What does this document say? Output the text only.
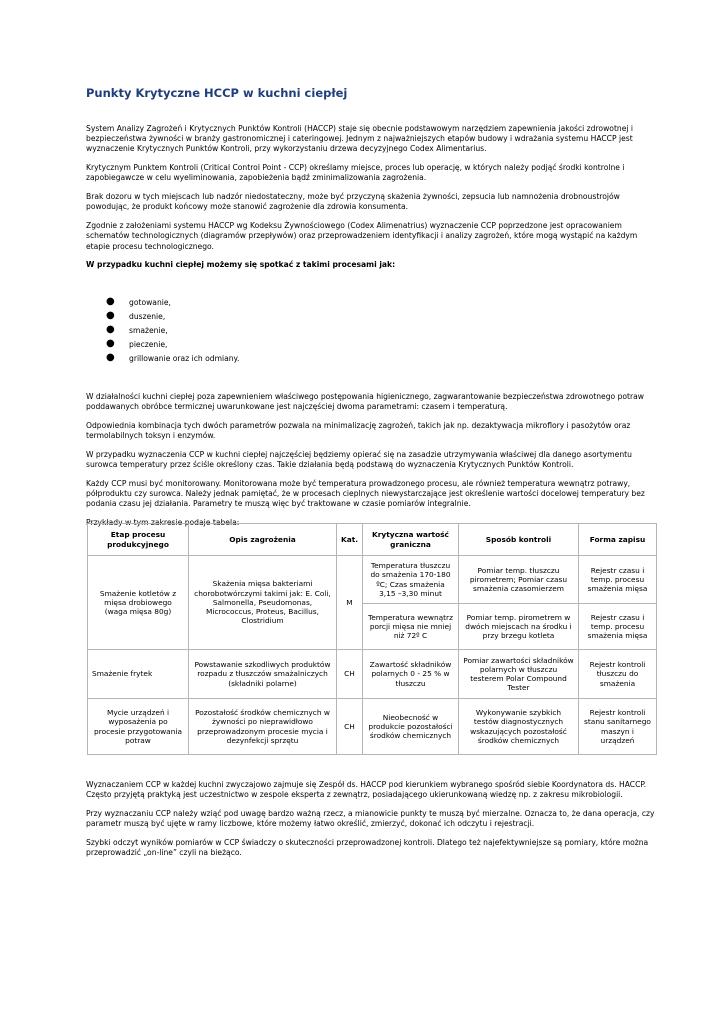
Punkty Krytyczne HCCP w kuchni ciepłej

System Analizy Zagrożeń i Krytycznych Punktów Kontroli (HACCP) staje się obecnie podstawowym narzędziem zapewnienia jakości zdrowotnej i bezpieczeństwa żywności w branży gastronomicznej i cateringowej. Jednym z najważniejszych etapów budowy i wdrażania systemu HACCP jest wyznaczenie Krytycznych Punktów Kontroli, przy wykorzystaniu drzewa decyzyjnego Codex Alimentarius.

Krytycznym Punktem Kontroli (Critical Control Point - CCP) określamy miejsce, proces lub operację, w których należy podjąć środki kontrolne i zapobiegawcze w celu wyeliminowania, zapobieżenia bądź zminimalizowania zagrożenia.

Brak dozoru w tych miejscach lub nadzór niedostateczny, może być przyczyną skażenia żywności, zepsucia lub namnożenia drobnoustrojów powodując, że produkt końcowy może stanowić zagrożenie dla zdrowia konsumenta.

Zgodnie z założeniami systemu HACCP wg Kodeksu Żywnościowego (Codex Alimenatrius) wyznaczenie CCP poprzedzone jest opracowaniem schematów technologicznych (diagramów przepływów) oraz przeprowadzeniem identyfikacji i analizy zagrożeń, które mogą wystąpić na każdym etapie procesu technologicznego.

W przypadku kuchni ciepłej możemy się spotkać z takimi procesami jak:

● gotowanie,
● duszenie,
● smażenie,
● pieczenie,
● grillowanie oraz ich odmiany.

W działalności kuchni ciepłej poza zapewnieniem właściwego postępowania higienicznego, zagwarantowanie bezpieczeństwa zdrowotnego potraw poddawanych obróbce termicznej uwarunkowane jest najczęściej dwoma parametrami: czasem i temperaturą.

Odpowiednia kombinacja tych dwóch parametrów pozwala na minimalizację zagrożeń, takich jak np. dezaktywacja mikroflory i pasożytów oraz termolabilnych toksyn i enzymów.

W przypadku wyznaczenia CCP w kuchni ciepłej najczęściej będziemy opierać się na zasadzie utrzymywania właściwej dla danego asortymentu surowca temperatury przez ściśle określony czas. Takie działania będą podstawą do wyznaczenia Krytycznych Punktów Kontroli.

Każdy CCP musi być monitorowany. Monitorowana może być temperatura prowadzonego procesu, ale również temperatura wewnątrz potrawy, półproduktu czy surowca. Należy jednak pamiętać, że w procesach cieplnych niewystarczające jest określenie wartości docelowej temperatury bez podania czasu jej działania. Parametry te muszą więc być traktowane w czasie pomiarów integralnie.

Przykłady w tym zakresie podaje tabela:

Etap procesu produkcyjnego	Opis zagrożenia	Kat.	Krytyczna wartość graniczna	Sposób kontroli	Forma zapisu
Smażenie kotletów z mięsa drobiowego (waga mięsa 80g)	Skażenia mięsa bakteriami chorobotwórczymi takimi jak: E. Coli, Salmonella, Pseudomonas, Micrococcus, Proteus, Bacillus, Clostridium	M	Temperatura tłuszczu do smażenia 170-180 ºC; Czas smażenia 3,15 –3,30 minut	Pomiar temp. tłuszczu pirometrem; Pomiar czasu smażenia czasomierzem	Rejestr czasu i temp. procesu smażenia mięsa
			Temperatura wewnątrz porcji mięsa nie mniej niż 72º C	Pomiar temp. pirometrem w dwóch miejscach na środku i przy brzegu kotleta	Rejestr czasu i temp. procesu smażenia mięsa
Smażenie frytek	Powstawanie szkodliwych produktów rozpadu z tłuszczów smażalniczych (składniki polarne)	CH	Zawartość składników polarnych 0 - 25 % w tłuszczu	Pomiar zawartości składników polarnych w tłuszczu testerem Polar Compound Tester	Rejestr kontroli tłuszczu do smażenia
Mycie urządzeń i wyposażenia po procesie przygotowania potraw	Pozostałość środków chemicznych w żywności po nieprawidłowo przeprowadzonym procesie mycia i dezynfekcji sprzętu	CH	Nieobecność w produkcie pozostałości środków chemicznych	Wykonywanie szybkich testów diagnostycznych wskazujących pozostałość środków chemicznych	Rejestr kontroli stanu sanitarnego maszyn i urządzeń

Wyznaczaniem CCP w każdej kuchni zwyczajowo zajmuje się Zespół ds. HACCP pod kierunkiem wybranego spośród siebie Koordynatora ds. HACCP. Często przyjętą praktyką jest uczestnictwo w zespole eksperta z zewnątrz, posiadającego ukierunkowaną wiedzę np. z zakresu mikrobiologii.

Przy wyznaczaniu CCP należy wziąć pod uwagę bardzo ważną rzecz, a mianowicie punkty te muszą być mierzalne. Oznacza to, że dana operacja, czy parametr muszą być ujęte w ramy liczbowe, które możemy łatwo określić, zmierzyć, dokonać ich odczytu i rejestracji.

Szybki odczyt wyników pomiarów w CCP świadczy o skuteczności przeprowadzonej kontroli. Dlatego też najefektywniejsze są pomiary, które można przeprowadzić „on-line” czyli na bieżąco.
